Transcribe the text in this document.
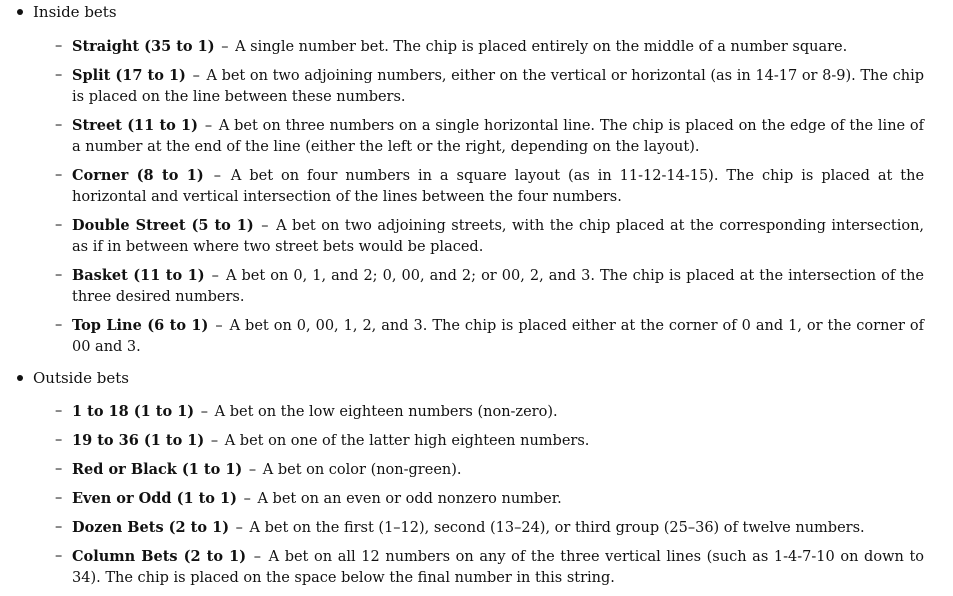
Inside bets
– Straight (35 to 1) – A single number bet. The chip is placed entirely on the middle of a number square.
– Split (17 to 1) – A bet on two adjoining numbers, either on the vertical or horizontal (as in 14-17 or 8-9). The chip is placed on the line between these numbers.
– Street (11 to 1) – A bet on three numbers on a single horizontal line. The chip is placed on the edge of the line of a number at the end of the line (either the left or the right, depending on the layout).
– Corner (8 to 1) – A bet on four numbers in a square layout (as in 11-12-14-15). The chip is placed at the horizontal and vertical intersection of the lines between the four numbers.
– Double Street (5 to 1) – A bet on two adjoining streets, with the chip placed at the corresponding intersection, as if in between where two street bets would be placed.
– Basket (11 to 1) – A bet on 0, 1, and 2; 0, 00, and 2; or 00, 2, and 3. The chip is placed at the intersection of the three desired numbers.
– Top Line (6 to 1) – A bet on 0, 00, 1, 2, and 3. The chip is placed either at the corner of 0 and 1, or the corner of 00 and 3.
Outside bets
– 1 to 18 (1 to 1) – A bet on the low eighteen numbers (non-zero).
– 19 to 36 (1 to 1) – A bet on one of the latter high eighteen numbers.
– Red or Black (1 to 1) – A bet on color (non-green).
– Even or Odd (1 to 1) – A bet on an even or odd nonzero number.
– Dozen Bets (2 to 1) – A bet on the first (1–12), second (13–24), or third group (25–36) of twelve numbers.
– Column Bets (2 to 1) – A bet on all 12 numbers on any of the three vertical lines (such as 1-4-7-10 on down to 34). The chip is placed on the space below the final number in this string.
